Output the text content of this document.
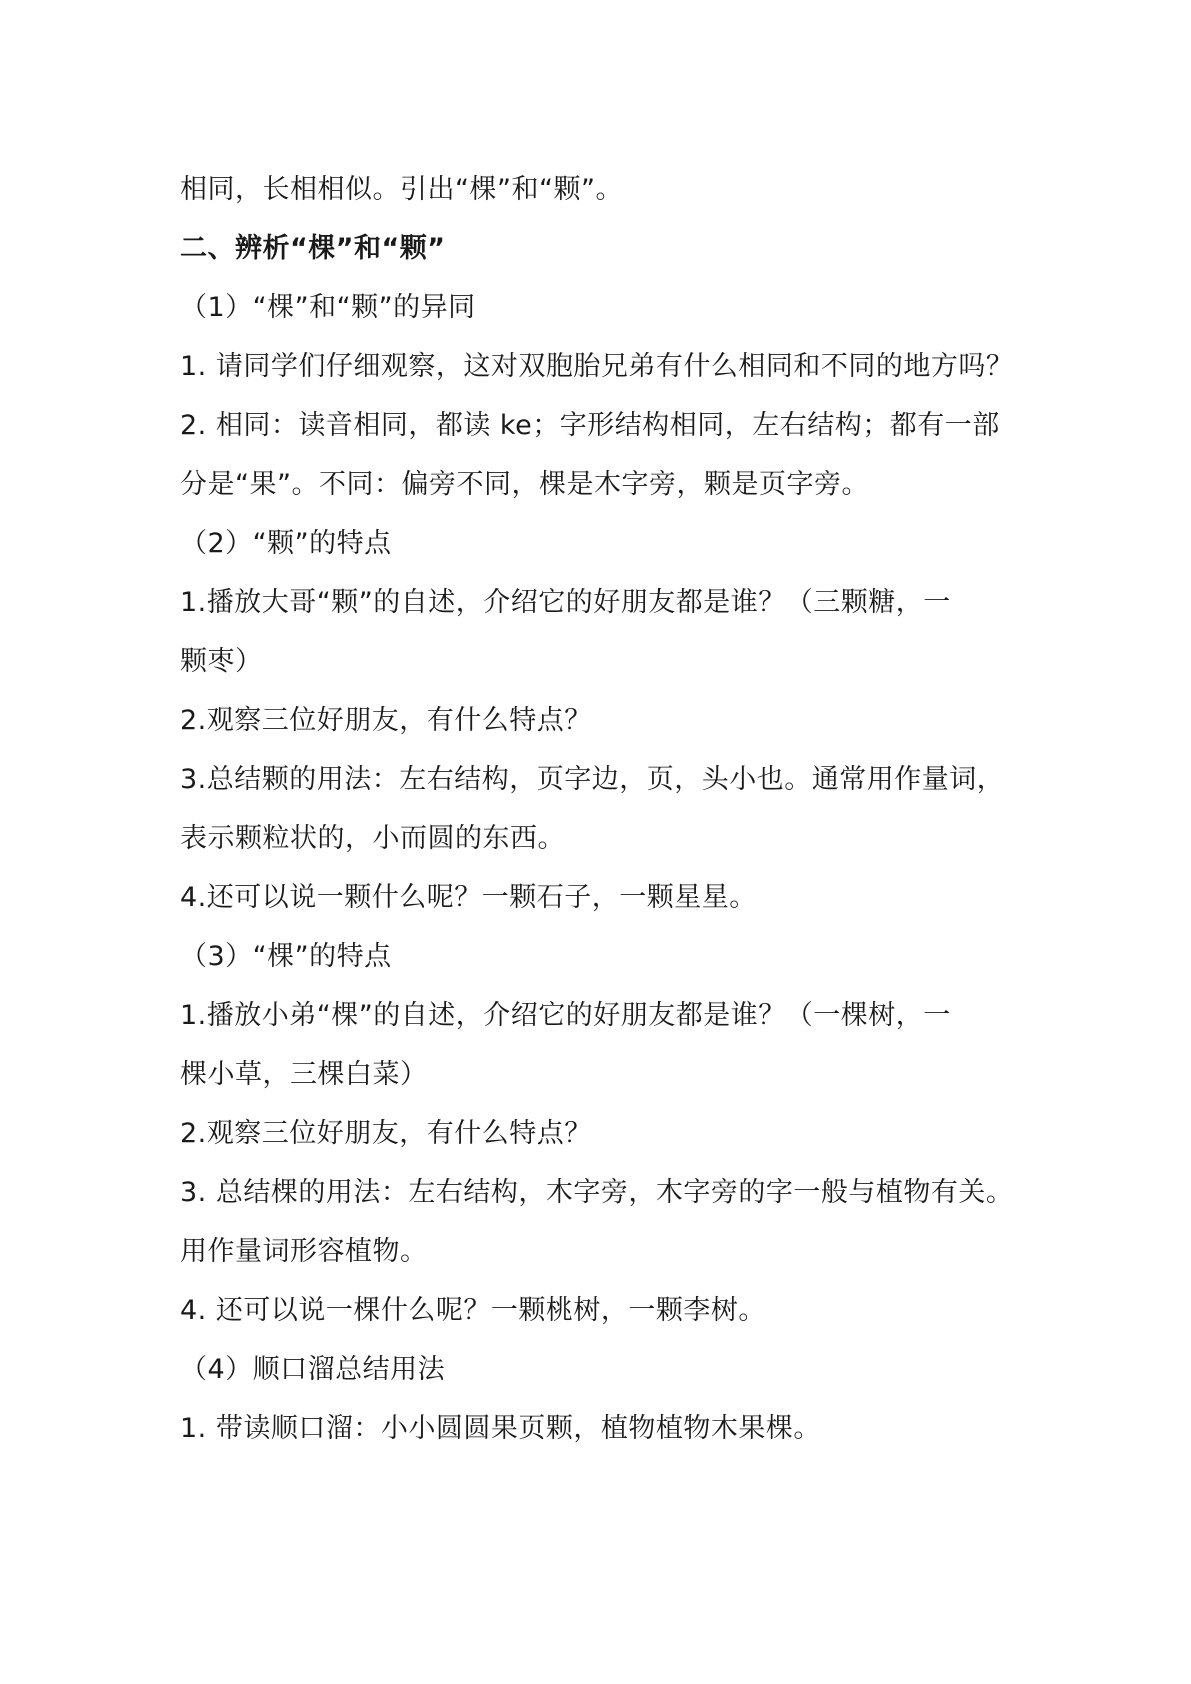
相同，长相相似。引出“棵”和“颗”。
二、辨析“棵”和“颗”
（1）“棵”和“颗”的异同
1. 请同学们仔细观察，这对双胞胎兄弟有什么相同和不同的地方吗？
2. 相同：读音相同，都读 ke；字形结构相同，左右结构；都有一部
分是“果”。不同：偏旁不同，棵是木字旁，颗是页字旁。
（2）“颗”的特点
1.播放大哥“颗”的自述，介绍它的好朋友都是谁？（三颗糖，一
颗枣）
2.观察三位好朋友，有什么特点？
3.总结颗的用法：左右结构，页字边，页，头小也。通常用作量词，
表示颗粒状的，小而圆的东西。
4.还可以说一颗什么呢？一颗石子，一颗星星。
（3）“棵”的特点
1.播放小弟“棵”的自述，介绍它的好朋友都是谁？（一棵树，一
棵小草，三棵白菜）
2.观察三位好朋友，有什么特点？
3. 总结棵的用法：左右结构，木字旁，木字旁的字一般与植物有关。
用作量词形容植物。
4. 还可以说一棵什么呢？一颗桃树，一颗李树。
（4）顺口溜总结用法
1. 带读顺口溜：小小圆圆果页颗，植物植物木果棵。
